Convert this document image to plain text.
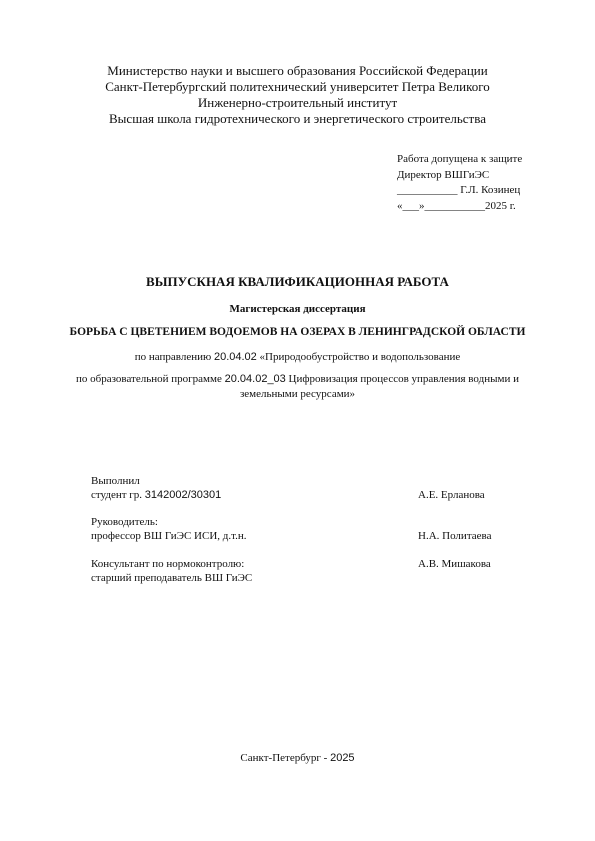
Министерство науки и высшего образования Российской Федерации
Санкт-Петербургский политехнический университет Петра Великого
Инженерно-строительный институт
Высшая школа гидротехнического и энергетического строительства
Работа допущена к защите
Директор ВШГиЭС
___________ Г.Л. Козинец
«___»___________2025 г.
ВЫПУСКНАЯ КВАЛИФИКАЦИОННАЯ РАБОТА
Магистерская диссертация
БОРЬБА С ЦВЕТЕНИЕМ ВОДОЕМОВ НА ОЗЕРАХ В ЛЕНИНГРАДСКОЙ ОБЛАСТИ
по направлению 20.04.02 «Природообустройство и водопользование
по образовательной программе 20.04.02_03 Цифровизация процессов управления водными и
земельными ресурсами»
Выполнил
студент гр. 3142002/30301	А.Е. Ерланова
Руководитель:
профессор ВШ ГиЭС ИСИ, д.т.н.	Н.А. Политаева
Консультант по нормоконтролю:	А.В. Мишакова
старший преподаватель ВШ ГиЭС
Санкт-Петербург - 2025
